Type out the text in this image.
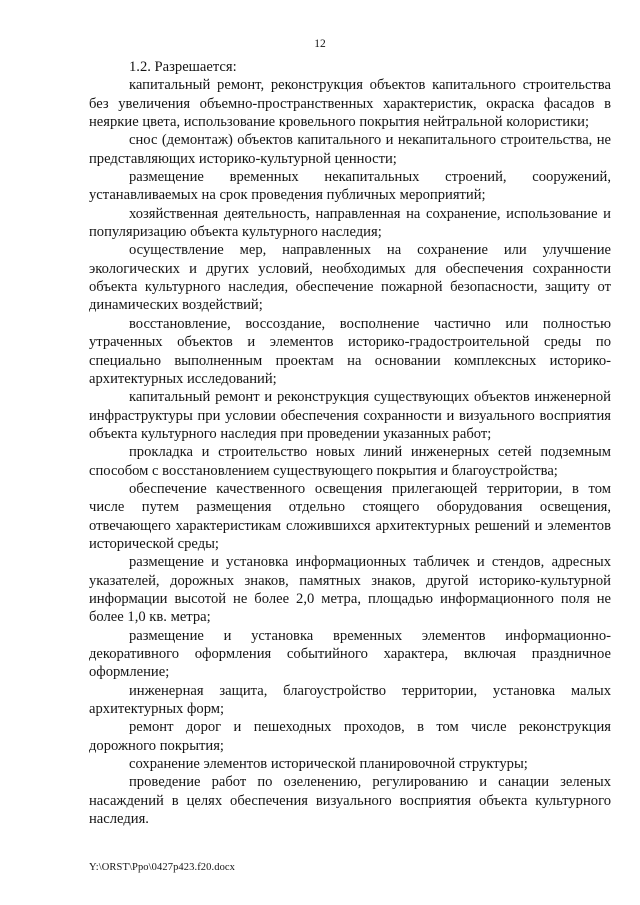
12

1.2. Разрешается:

капитальный ремонт, реконструкция объектов капитального строительства без увеличения объемно-пространственных характеристик, окраска фасадов в неяркие цвета, использование кровельного покрытия нейтральной колористики;

снос (демонтаж) объектов капитального и некапитального строительства, не представляющих историко-культурной ценности;

размещение временных некапитальных строений, сооружений, устанавливаемых на срок проведения публичных мероприятий;

хозяйственная деятельность, направленная на сохранение, использование и популяризацию объекта культурного наследия;

осуществление мер, направленных на сохранение или улучшение экологических и других условий, необходимых для обеспечения сохранности объекта культурного наследия, обеспечение пожарной безопасности, защиту от динамических воздействий;

восстановление, воссоздание, восполнение частично или полностью утраченных объектов и элементов историко-градостроительной среды по специально выполненным проектам на основании комплексных историко-архитектурных исследований;

капитальный ремонт и реконструкция существующих объектов инженерной инфраструктуры при условии обеспечения сохранности и визуального восприятия объекта культурного наследия при проведении указанных работ;

прокладка и строительство новых линий инженерных сетей подземным способом с восстановлением существующего покрытия и благоустройства;

обеспечение качественного освещения прилегающей территории, в том числе путем размещения отдельно стоящего оборудования освещения, отвечающего характеристикам сложившихся архитектурных решений и элементов исторической среды;

размещение и установка информационных табличек и стендов, адресных указателей, дорожных знаков, памятных знаков, другой историко-культурной информации высотой не более 2,0 метра, площадью информационного поля не более 1,0 кв. метра;

размещение и установка временных элементов информационно-декоративного оформления событийного характера, включая праздничное оформление;

инженерная защита, благоустройство территории, установка малых архитектурных форм;

ремонт дорог и пешеходных проходов, в том числе реконструкция дорожного покрытия;

сохранение элементов исторической планировочной структуры;

проведение работ по озеленению, регулированию и санации зеленых насаждений в целях обеспечения визуального восприятия объекта культурного наследия.

Y:\ORST\Ppo\0427p423.f20.docx
